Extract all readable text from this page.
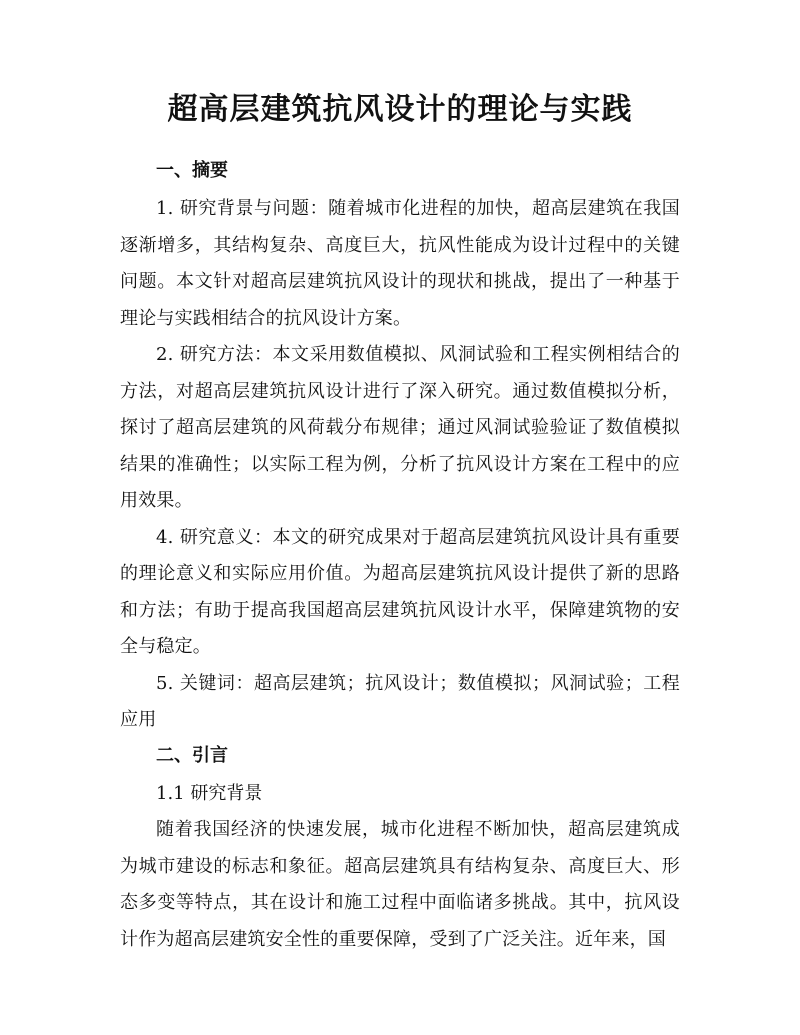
超高层建筑抗风设计的理论与实践
一、摘要

1. 研究背景与问题：随着城市化进程的加快，超高层建筑在我国逐渐增多，其结构复杂、高度巨大，抗风性能成为设计过程中的关键问题。本文针对超高层建筑抗风设计的现状和挑战，提出了一种基于理论与实践相结合的抗风设计方案。

2. 研究方法：本文采用数值模拟、风洞试验和工程实例相结合的方法，对超高层建筑抗风设计进行了深入研究。通过数值模拟分析，探讨了超高层建筑的风荷载分布规律；通过风洞试验验证了数值模拟结果的准确性；以实际工程为例，分析了抗风设计方案在工程中的应用效果。

4. 研究意义：本文的研究成果对于超高层建筑抗风设计具有重要的理论意义和实际应用价值。为超高层建筑抗风设计提供了新的思路和方法；有助于提高我国超高层建筑抗风设计水平，保障建筑物的安全与稳定。

5. 关键词：超高层建筑；抗风设计；数值模拟；风洞试验；工程应用

二、引言

1.1 研究背景

随着我国经济的快速发展，城市化进程不断加快，超高层建筑成为城市建设的标志和象征。超高层建筑具有结构复杂、高度巨大、形态多变等特点，其在设计和施工过程中面临诸多挑战。其中，抗风设计作为超高层建筑安全性的重要保障，受到了广泛关注。近年来，国
